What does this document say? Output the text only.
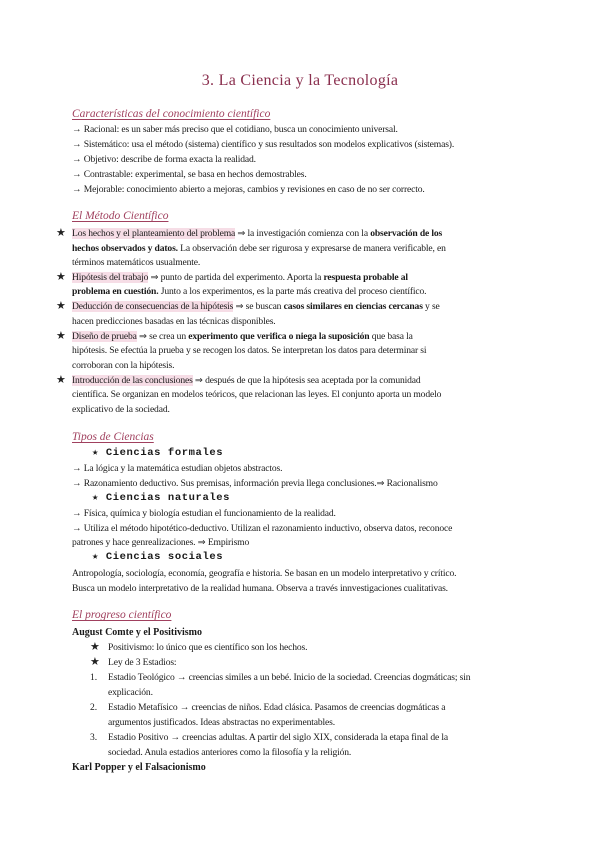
3. La Ciencia y la Tecnología
Características del conocimiento científico
→ Racional: es un saber más preciso que el cotidiano, busca un conocimiento universal.
→ Sistemático: usa el método (sistema) científico y sus resultados son modelos explicativos (sistemas).
→ Objetivo: describe de forma exacta la realidad.
→ Contrastable: experimental, se basa en hechos demostrables.
→ Mejorable: conocimiento abierto a mejoras, cambios y revisiones en caso de no ser correcto.
El Método Científico
★ Los hechos y el planteamiento del problema ⇒ la investigación comienza con la observación de los
hechos observados y datos. La observación debe ser rigurosa y expresarse de manera verificable, en
términos matemáticos usualmente.
★ Hipótesis del trabajo ⇒ punto de partida del experimento. Aporta la respuesta probable al
problema en cuestión. Junto a los experimentos, es la parte más creativa del proceso científico.
★ Deducción de consecuencias de la hipótesis ⇒ se buscan casos similares en ciencias cercanas y se
hacen predicciones basadas en las técnicas disponibles.
★ Diseño de prueba ⇒ se crea un experimento que verifica o niega la suposición que basa la
hipótesis. Se efectúa la prueba y se recogen los datos. Se interpretan los datos para determinar si
corroboran con la hipótesis.
★ Introducción de las conclusiones ⇒ después de que la hipótesis sea aceptada por la comunidad
científica. Se organizan en modelos teóricos, que relacionan las leyes. El conjunto aporta un modelo
explicativo de la sociedad.
Tipos de Ciencias
★ Ciencias formales
→ La lógica y la matemática estudian objetos abstractos.
→ Razonamiento deductivo. Sus premisas, información previa llega conclusiones.⇒ Racionalismo
★ Ciencias naturales
→ Física, química y biología estudian el funcionamiento de la realidad.
→ Utiliza el método hipotético-deductivo. Utilizan el razonamiento inductivo, observa datos, reconoce
patrones y hace genrealizaciones. ⇒ Empirismo
★ Ciencias sociales
Antropología, sociología, economía, geografía e historia. Se basan en un modelo interpretativo y crítico.
Busca un modelo interpretativo de la realidad humana. Observa a través innvestigaciones cualitativas.
El progreso científico
August Comte y el Positivismo
★ Positivismo: lo único que es científico son los hechos.
★ Ley de 3 Estadios:
1. Estadio Teológico → creencias similes a un bebé. Inicio de la sociedad. Creencias dogmáticas; sin
explicación.
2. Estadio Metafísico → creencias de niños. Edad clásica. Pasamos de creencias dogmáticas a
argumentos justificados. Ideas abstractas no experimentables.
3. Estadio Positivo → creencias adultas. A partir del siglo XIX, considerada la etapa final de la
sociedad. Anula estadios anteriores como la filosofía y la religión.
Karl Popper y el Falsacionismo
